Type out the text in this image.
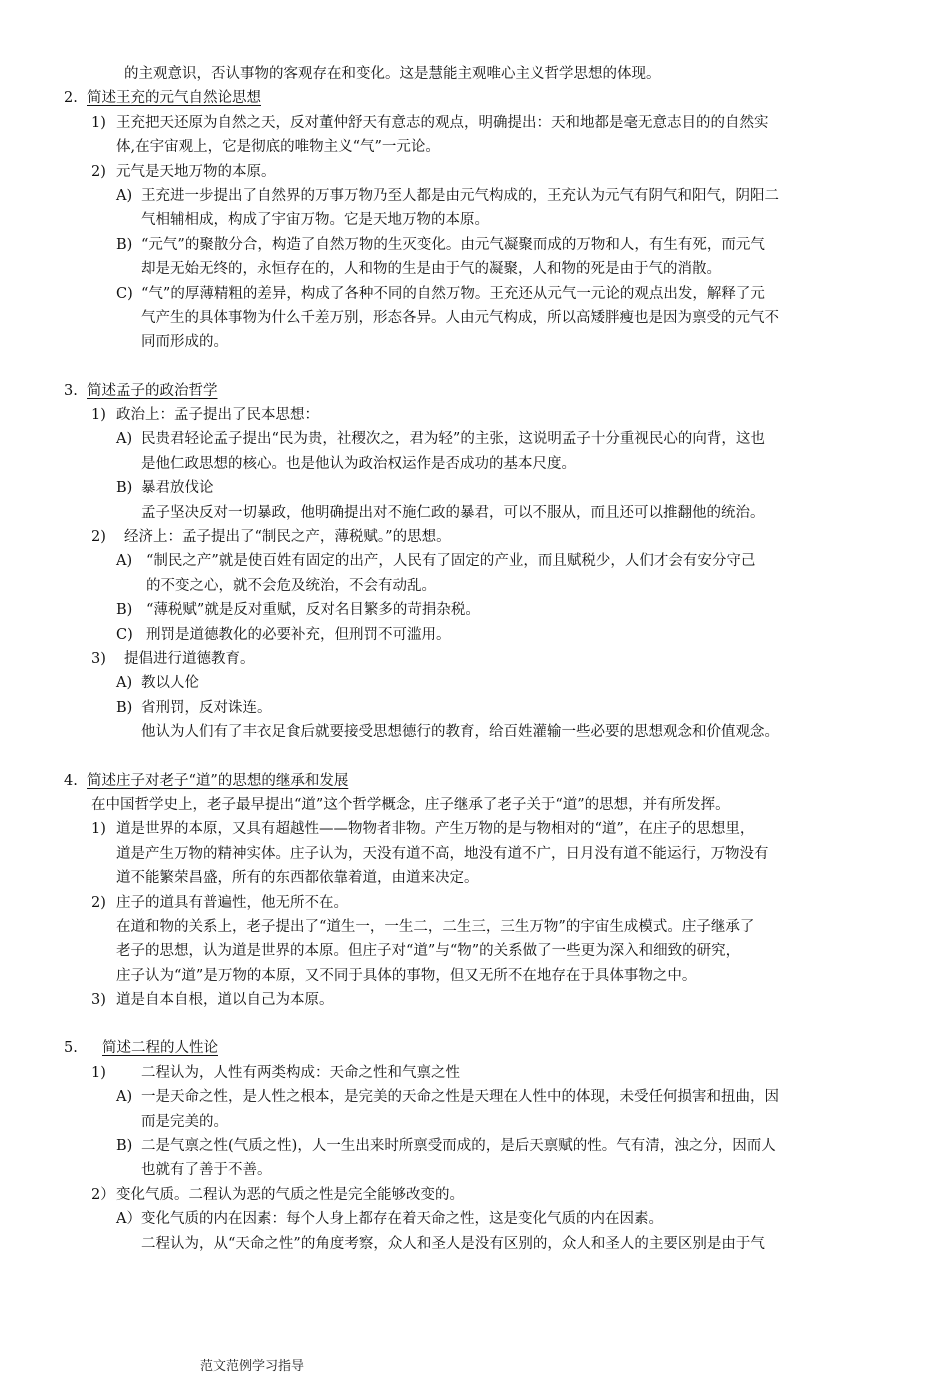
的主观意识，否认事物的客观存在和变化。这是慧能主观唯心主义哲学思想的体现。
2. 简述王充的元气自然论思想
1) 王充把天还原为自然之天，反对董仲舒天有意志的观点，明确提出：天和地都是毫无意志目的的自然实
体,在宇宙观上，它是彻底的唯物主义“气”一元论。
2) 元气是天地万物的本原。
A) 王充进一步提出了自然界的万事万物乃至人都是由元气构成的，王充认为元气有阴气和阳气，阴阳二
气相辅相成，构成了宇宙万物。它是天地万物的本原。
B) “元气”的聚散分合，构造了自然万物的生灭变化。由元气凝聚而成的万物和人，有生有死，而元气
却是无始无终的，永恒存在的，人和物的生是由于气的凝聚，人和物的死是由于气的消散。
C) “气”的厚薄精粗的差异，构成了各种不同的自然万物。王充还从元气一元论的观点出发，解释了元
气产生的具体事物为什么千差万别，形态各异。人由元气构成，所以高矮胖瘦也是因为禀受的元气不
同而形成的。
3. 简述孟子的政治哲学
1) 政治上：孟子提出了民本思想：
A) 民贵君轻论孟子提出“民为贵，社稷次之，君为轻”的主张，这说明孟子十分重视民心的向背，这也
是他仁政思想的核心。也是他认为政治权运作是否成功的基本尺度。
B) 暴君放伐论
孟子坚决反对一切暴政，他明确提出对不施仁政的暴君，可以不服从，而且还可以推翻他的统治。
2) 经济上：孟子提出了“制民之产，薄税赋。”的思想。
A) “制民之产”就是使百姓有固定的出产，人民有了固定的产业，而且赋税少，人们才会有安分守己
的不变之心，就不会危及统治，不会有动乱。
B) “薄税赋”就是反对重赋，反对名目繁多的苛捐杂税。
C) 刑罚是道德教化的必要补充，但刑罚不可滥用。
3) 提倡进行道德教育。
A) 教以人伦
B) 省刑罚，反对诛连。
他认为人们有了丰衣足食后就要接受思想德行的教育，给百姓灌输一些必要的思想观念和价值观念。
4. 简述庄子对老子“道”的思想的继承和发展
在中国哲学史上，老子最早提出“道”这个哲学概念，庄子继承了老子关于“道”的思想，并有所发挥。
1) 道是世界的本原，又具有超越性——物物者非物。产生万物的是与物相对的“道”，在庄子的思想里，
道是产生万物的精神实体。庄子认为，天没有道不高，地没有道不广，日月没有道不能运行，万物没有
道不能繁荣昌盛，所有的东西都依靠着道，由道来决定。
2) 庄子的道具有普遍性，他无所不在。
在道和物的关系上，老子提出了“道生一，一生二，二生三，三生万物”的宇宙生成模式。庄子继承了
老子的思想，认为道是世界的本原。但庄子对“道”与“物”的关系做了一些更为深入和细致的研究，
庄子认为“道”是万物的本原，又不同于具体的事物，但又无所不在地存在于具体事物之中。
3) 道是自本自根，道以自己为本原。
5. 简述二程的人性论
1) 二程认为，人性有两类构成：天命之性和气禀之性
A) 一是天命之性，是人性之根本，是完美的天命之性是天理在人性中的体现，未受任何损害和扭曲，因
而是完美的。
B) 二是气禀之性(气质之性)，人一生出来时所禀受而成的，是后天禀赋的性。气有清，浊之分，因而人
也就有了善于不善。
2） 变化气质。二程认为恶的气质之性是完全能够改变的。
A） 变化气质的内在因素：每个人身上都存在着天命之性，这是变化气质的内在因素。
二程认为，从“天命之性”的角度考察，众人和圣人是没有区别的，众人和圣人的主要区别是由于气
范文范例学习指导
